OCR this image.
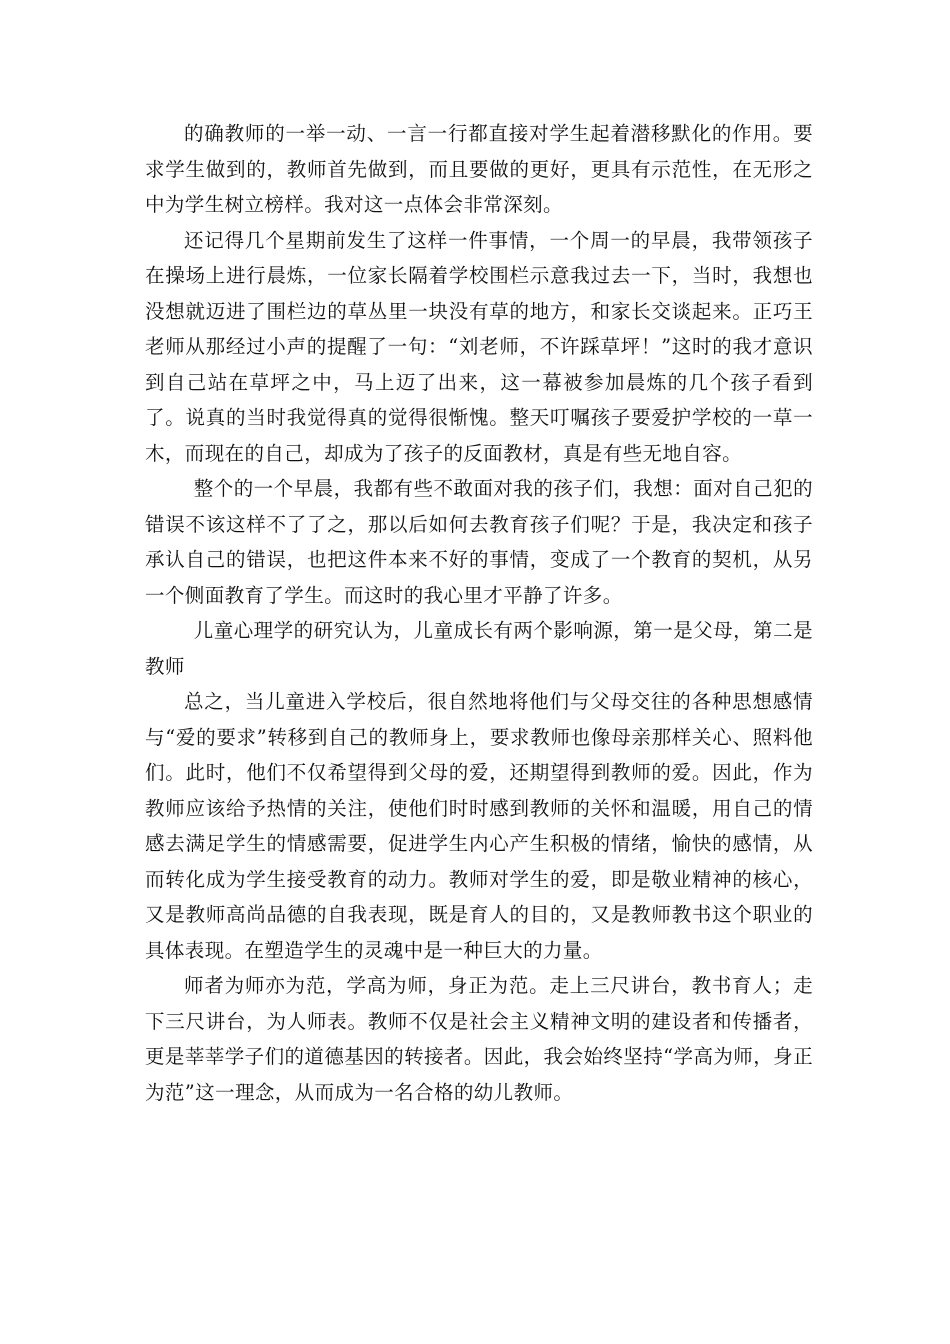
的确教师的一举一动、一言一行都直接对学生起着潜移默化的作用。要求学生做到的，教师首先做到，而且要做的更好，更具有示范性，在无形之中为学生树立榜样。我对这一点体会非常深刻。

还记得几个星期前发生了这样一件事情，一个周一的早晨，我带领孩子在操场上进行晨炼，一位家长隔着学校围栏示意我过去一下，当时，我想也没想就迈进了围栏边的草丛里一块没有草的地方，和家长交谈起来。正巧王老师从那经过小声的提醒了一句：“刘老师，不许踩草坪！”这时的我才意识到自己站在草坪之中，马上迈了出来，这一幕被参加晨炼的几个孩子看到了。说真的当时我觉得真的觉得很惭愧。整天叮嘱孩子要爱护学校的一草一木，而现在的自己，却成为了孩子的反面教材，真是有些无地自容。

整个的一个早晨，我都有些不敢面对我的孩子们，我想：面对自己犯的错误不该这样不了了之，那以后如何去教育孩子们呢？于是，我决定和孩子承认自己的错误，也把这件本来不好的事情，变成了一个教育的契机，从另一个侧面教育了学生。而这时的我心里才平静了许多。

儿童心理学的研究认为，儿童成长有两个影响源，第一是父母，第二是教师

总之，当儿童进入学校后，很自然地将他们与父母交往的各种思想感情与“爱的要求”转移到自己的教师身上，要求教师也像母亲那样关心、照料他们。此时，他们不仅希望得到父母的爱，还期望得到教师的爱。因此，作为教师应该给予热情的关注，使他们时时感到教师的关怀和温暖，用自己的情感去满足学生的情感需要，促进学生内心产生积极的情绪，愉快的感情，从而转化成为学生接受教育的动力。教师对学生的爱，即是敬业精神的核心，又是教师高尚品德的自我表现，既是育人的目的，又是教师教书这个职业的具体表现。在塑造学生的灵魂中是一种巨大的力量。

师者为师亦为范，学高为师，身正为范。走上三尺讲台，教书育人；走下三尺讲台，为人师表。教师不仅是社会主义精神文明的建设者和传播者，更是莘莘学子们的道德基因的转接者。因此，我会始终坚持“学高为师，身正为范”这一理念，从而成为一名合格的幼儿教师。
